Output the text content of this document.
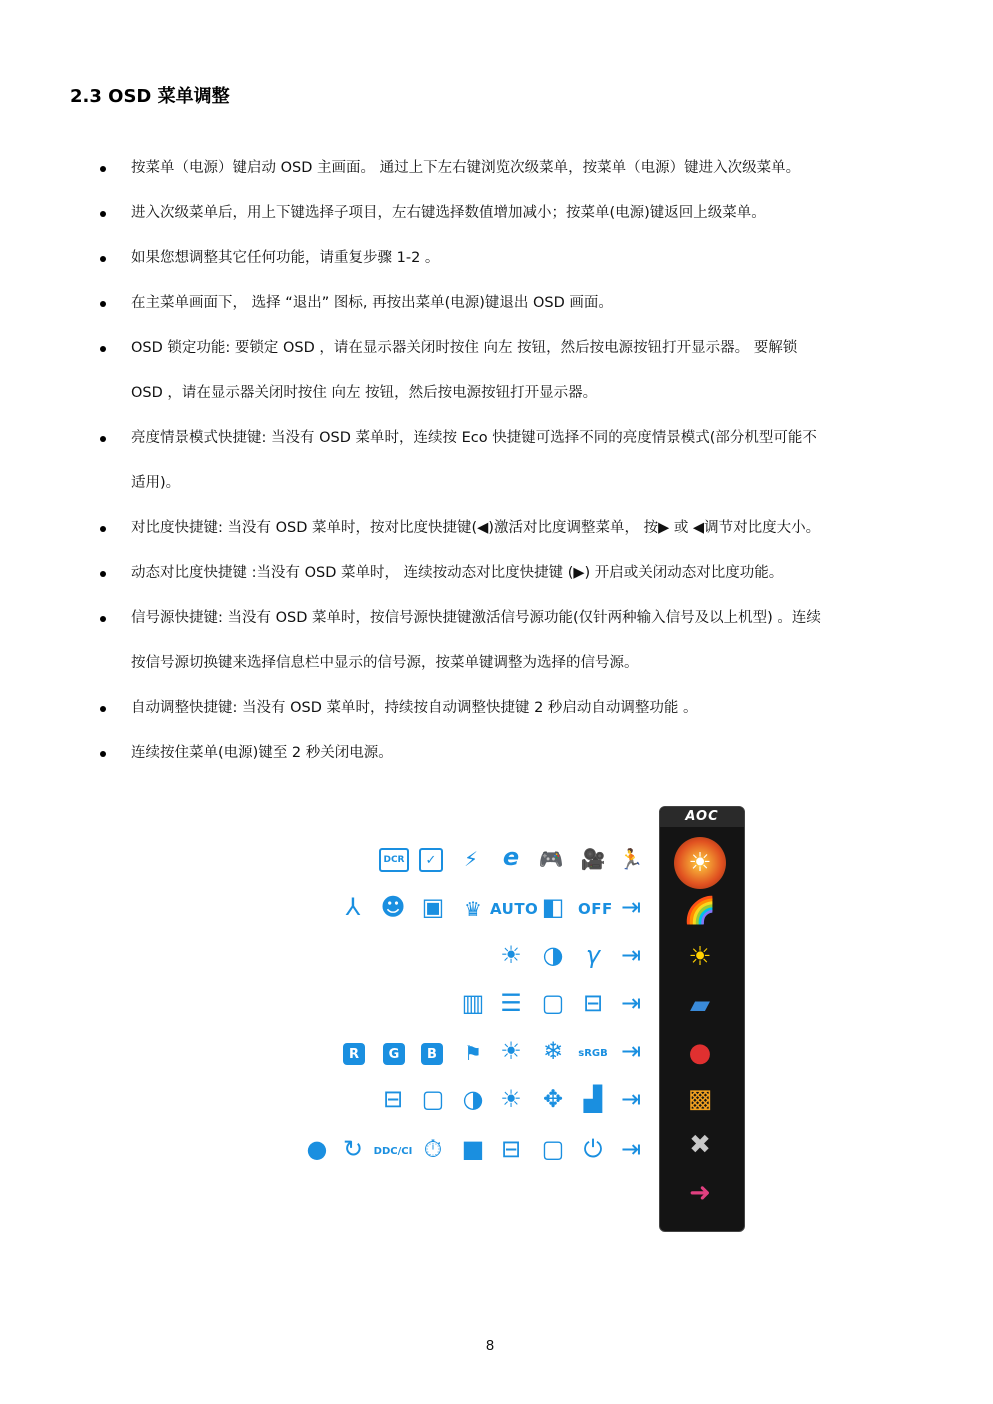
2.3 OSD 菜单调整
按菜单（电源）键启动 OSD 主画面。 通过上下左右键浏览次级菜单，按菜单（电源）键进入次级菜单。
进入次级菜单后，用上下键选择子项目，左右键选择数值增加减小；按菜单(电源)键返回上级菜单。
如果您想调整其它任何功能，请重复步骤 1-2 。
在主菜单画面下， 选择 “退出” 图标, 再按出菜单(电源)键退出 OSD 画面。
OSD 锁定功能: 要锁定 OSD ，请在显示器关闭时按住 向左 按钮，然后按电源按钮打开显示器。 要解锁
OSD ，请在显示器关闭时按住 向左 按钮，然后按电源按钮打开显示器。
亮度情景模式快捷键: 当没有 OSD 菜单时，连续按 Eco 快捷键可选择不同的亮度情景模式(部分机型可能不
适用)。
对比度快捷键: 当没有 OSD 菜单时，按对比度快捷键(◀)激活对比度调整菜单， 按▶ 或 ◀调节对比度大小。
动态对比度快捷键 :当没有 OSD 菜单时， 连续按动态对比度快捷键 (▶) 开启或关闭动态对比度功能。
信号源快捷键: 当没有 OSD 菜单时，按信号源快捷键激活信号源功能(仅针两种输入信号及以上机型) 。连续
按信号源切换键来选择信息栏中显示的信号源，按菜单键调整为选择的信号源。
自动调整快捷键: 当没有 OSD 菜单时，持续按自动调整快捷键 2 秒启动自动调整功能 。
连续按住菜单(电源)键至 2 秒关闭电源。
DCR	✓	⚡	e 🎮 🎥 🏃
⅄ ☻ ▣ ♛ AUTO ◧ OFF ⇥
☀ ◑ γ ⇥
▥ ☰ ▢ ⊟ ⇥
R	G	B	⚑ ☀ ❄	sRGB ⇥
⊟ ▢ ◑ ☀ ✥ ▟ ⇥
● ↻	DDC/CI ⏱ ■ ⊟ ▢ ⏻ ⇥
AOC
☀
🌈
☀
▰
●
▩
✖
➜
8
